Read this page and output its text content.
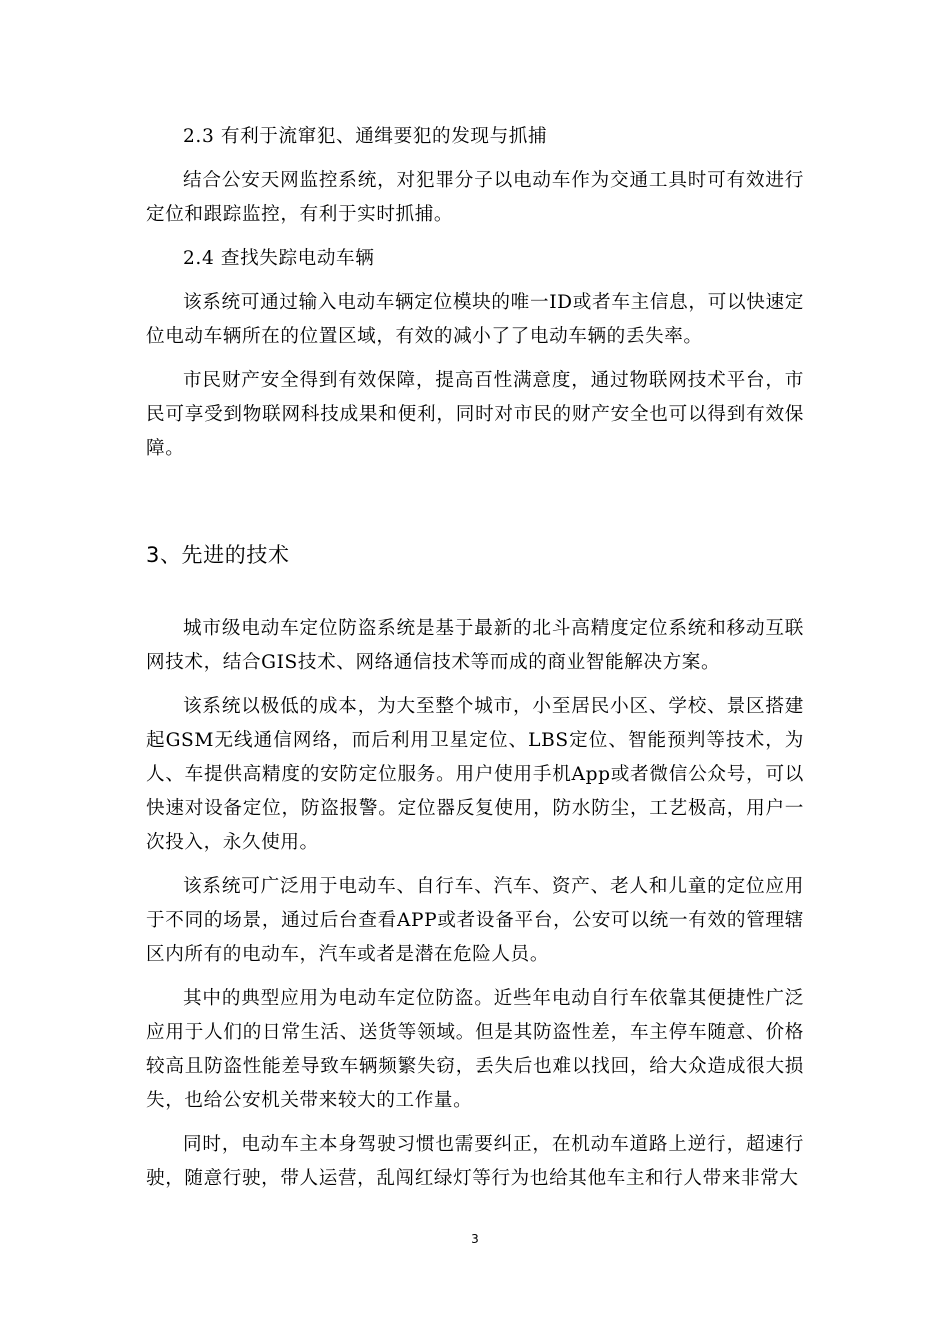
2.3 有利于流窜犯、通缉要犯的发现与抓捕

结合公安天网监控系统，对犯罪分子以电动车作为交通工具时可有效进行定位和跟踪监控，有利于实时抓捕。

2.4 查找失踪电动车辆

该系统可通过输入电动车辆定位模块的唯一ID或者车主信息，可以快速定位电动车辆所在的位置区域，有效的减小了了电动车辆的丢失率。

市民财产安全得到有效保障，提高百性满意度，通过物联网技术平台，市民可享受到物联网科技成果和便利，同时对市民的财产安全也可以得到有效保障。

3、先进的技术

城市级电动车定位防盗系统是基于最新的北斗高精度定位系统和移动互联网技术，结合GIS技术、网络通信技术等而成的商业智能解决方案。

该系统以极低的成本，为大至整个城市，小至居民小区、学校、景区搭建起GSM无线通信网络，而后利用卫星定位、LBS定位、智能预判等技术，为人、车提供高精度的安防定位服务。用户使用手机App或者微信公众号，可以快速对设备定位，防盗报警。定位器反复使用，防水防尘，工艺极高，用户一次投入，永久使用。

该系统可广泛用于电动车、自行车、汽车、资产、老人和儿童的定位应用于不同的场景，通过后台查看APP或者设备平台，公安可以统一有效的管理辖区内所有的电动车，汽车或者是潜在危险人员。

其中的典型应用为电动车定位防盗。近些年电动自行车依靠其便捷性广泛应用于人们的日常生活、送货等领域。但是其防盗性差，车主停车随意、价格较高且防盗性能差导致车辆频繁失窃，丢失后也难以找回，给大众造成很大损失，也给公安机关带来较大的工作量。

同时，电动车主本身驾驶习惯也需要纠正，在机动车道路上逆行，超速行驶，随意行驶，带人运营，乱闯红绿灯等行为也给其他车主和行人带来非常大

3
